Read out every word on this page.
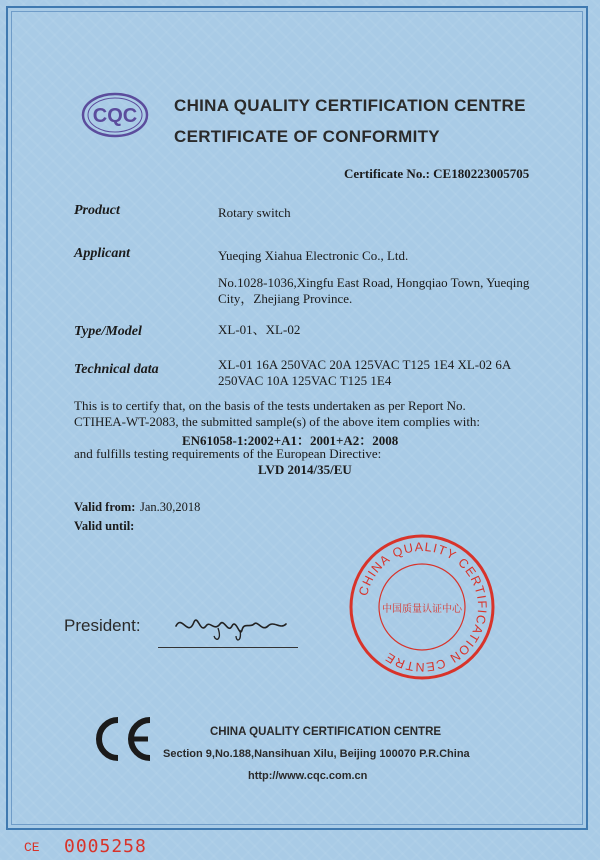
CQC CHINA QUALITY CERTIFICATION CENTRE
CERTIFICATE OF CONFORMITY
Certificate No.: CE180223005705
Product	Rotary switch
Applicant	Yueqing Xiahua Electronic Co., Ltd.
No.1028-1036,Xingfu East Road, Hongqiao Town, Yueqing
City，Zhejiang Province.
Type/Model	XL-01、XL-02
Technical data	XL-01 16A 250VAC 20A 125VAC T125 1E4 XL-02 6A
250VAC 10A 125VAC T125 1E4
This is to certify that, on the basis of the tests undertaken as per Report No.
CTIHEA-WT-2083, the submitted sample(s) of the above item complies with:
EN61058-1:2002+A1：2001+A2：2008
and fulfills testing requirements of the European Directive:
LVD 2014/35/EU
Valid from: Jan.30,2018
Valid until:
President:
CHINA QUALITY CERTIFICATION CENTRE
中国质量认证中心
CE
CHINA QUALITY CERTIFICATION CENTRE
Section 9,No.188,Nansihuan Xilu, Beijing 100070 P.R.China
http://www.cqc.com.cn
CE 0005258
